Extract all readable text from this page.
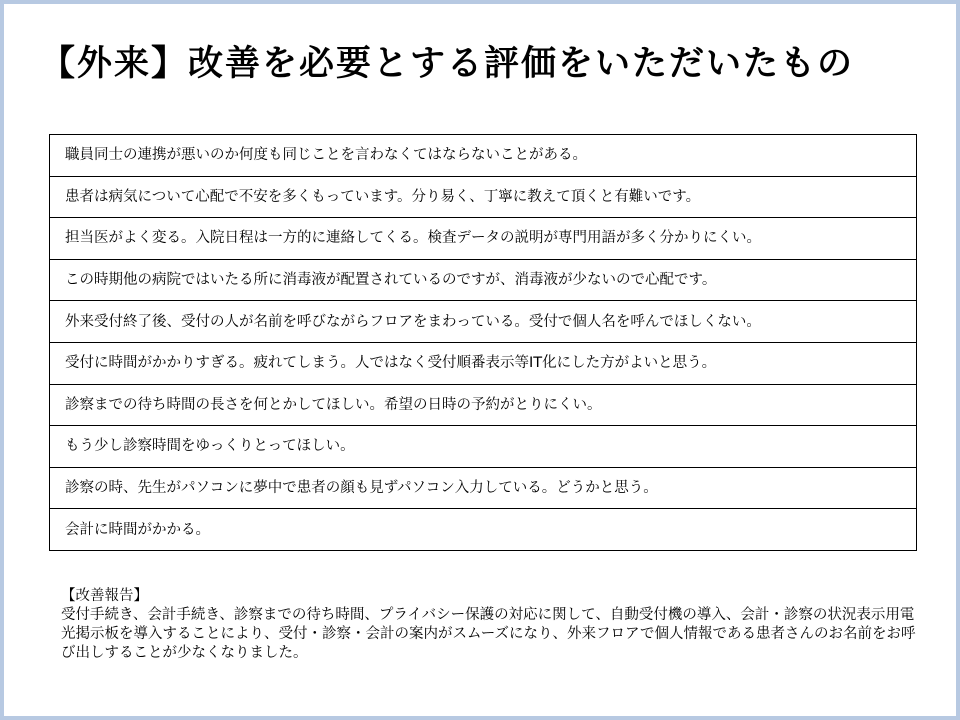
【外来】改善を必要とする評価をいただいたもの
職員同士の連携が悪いのか何度も同じことを言わなくてはならないことがある。
患者は病気について心配で不安を多くもっています。分り易く、丁寧に教えて頂くと有難いです。
担当医がよく変る。入院日程は一方的に連絡してくる。検査データの説明が専門用語が多く分かりにくい。
この時期他の病院ではいたる所に消毒液が配置されているのですが、消毒液が少ないので心配です。
外来受付終了後、受付の人が名前を呼びながらフロアをまわっている。受付で個人名を呼んでほしくない。
受付に時間がかかりすぎる。疲れてしまう。人ではなく受付順番表示等IT化にした方がよいと思う。
診察までの待ち時間の長さを何とかしてほしい。希望の日時の予約がとりにくい。
もう少し診察時間をゆっくりとってほしい。
診察の時、先生がパソコンに夢中で患者の顔も見ずパソコン入力している。どうかと思う。
会計に時間がかかる。
【改善報告】
受付手続き、会計手続き、診察までの待ち時間、プライバシー保護の対応に関して、自動受付機の導入、会計・診察の状況表示用電光掲示板を導入することにより、受付・診察・会計の案内がスムーズになり、外来フロアで個人情報である患者さんのお名前をお呼び出しすることが少なくなりました。
